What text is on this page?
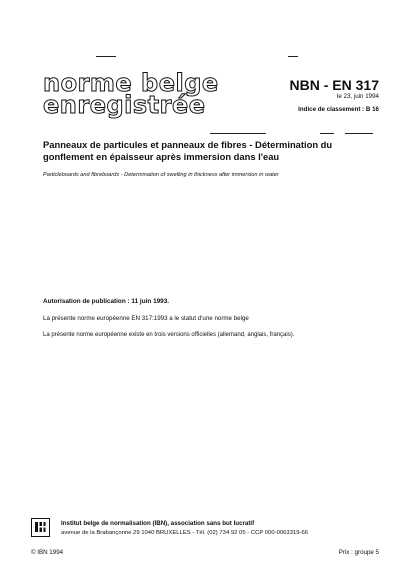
norme belge
enregistrée
NBN - EN 317
le 23, juin 1994
Indice de classement : B 16
Panneaux de particules et panneaux de fibres - Détermination du
gonflement en épaisseur après immersion dans l'eau
Particleboards and fibreboards - Determination of swelling in thickness after immersion in water
Autorisation de publication : 11 juin 1993.
La présente norme européenne EN 317:1993 a le statut d'une norme belge
La présente norme européenne existe en trois versions officielles (allemand, anglais, français).
Institut belge de normalisation (IBN), association sans but lucratif
avenue de la Brabançonne 29 1040 BRUXELLES - Tél. (02) 734 92 05 - CCP 000-0063319-66
© IBN 1994	Prix : groupe 5
